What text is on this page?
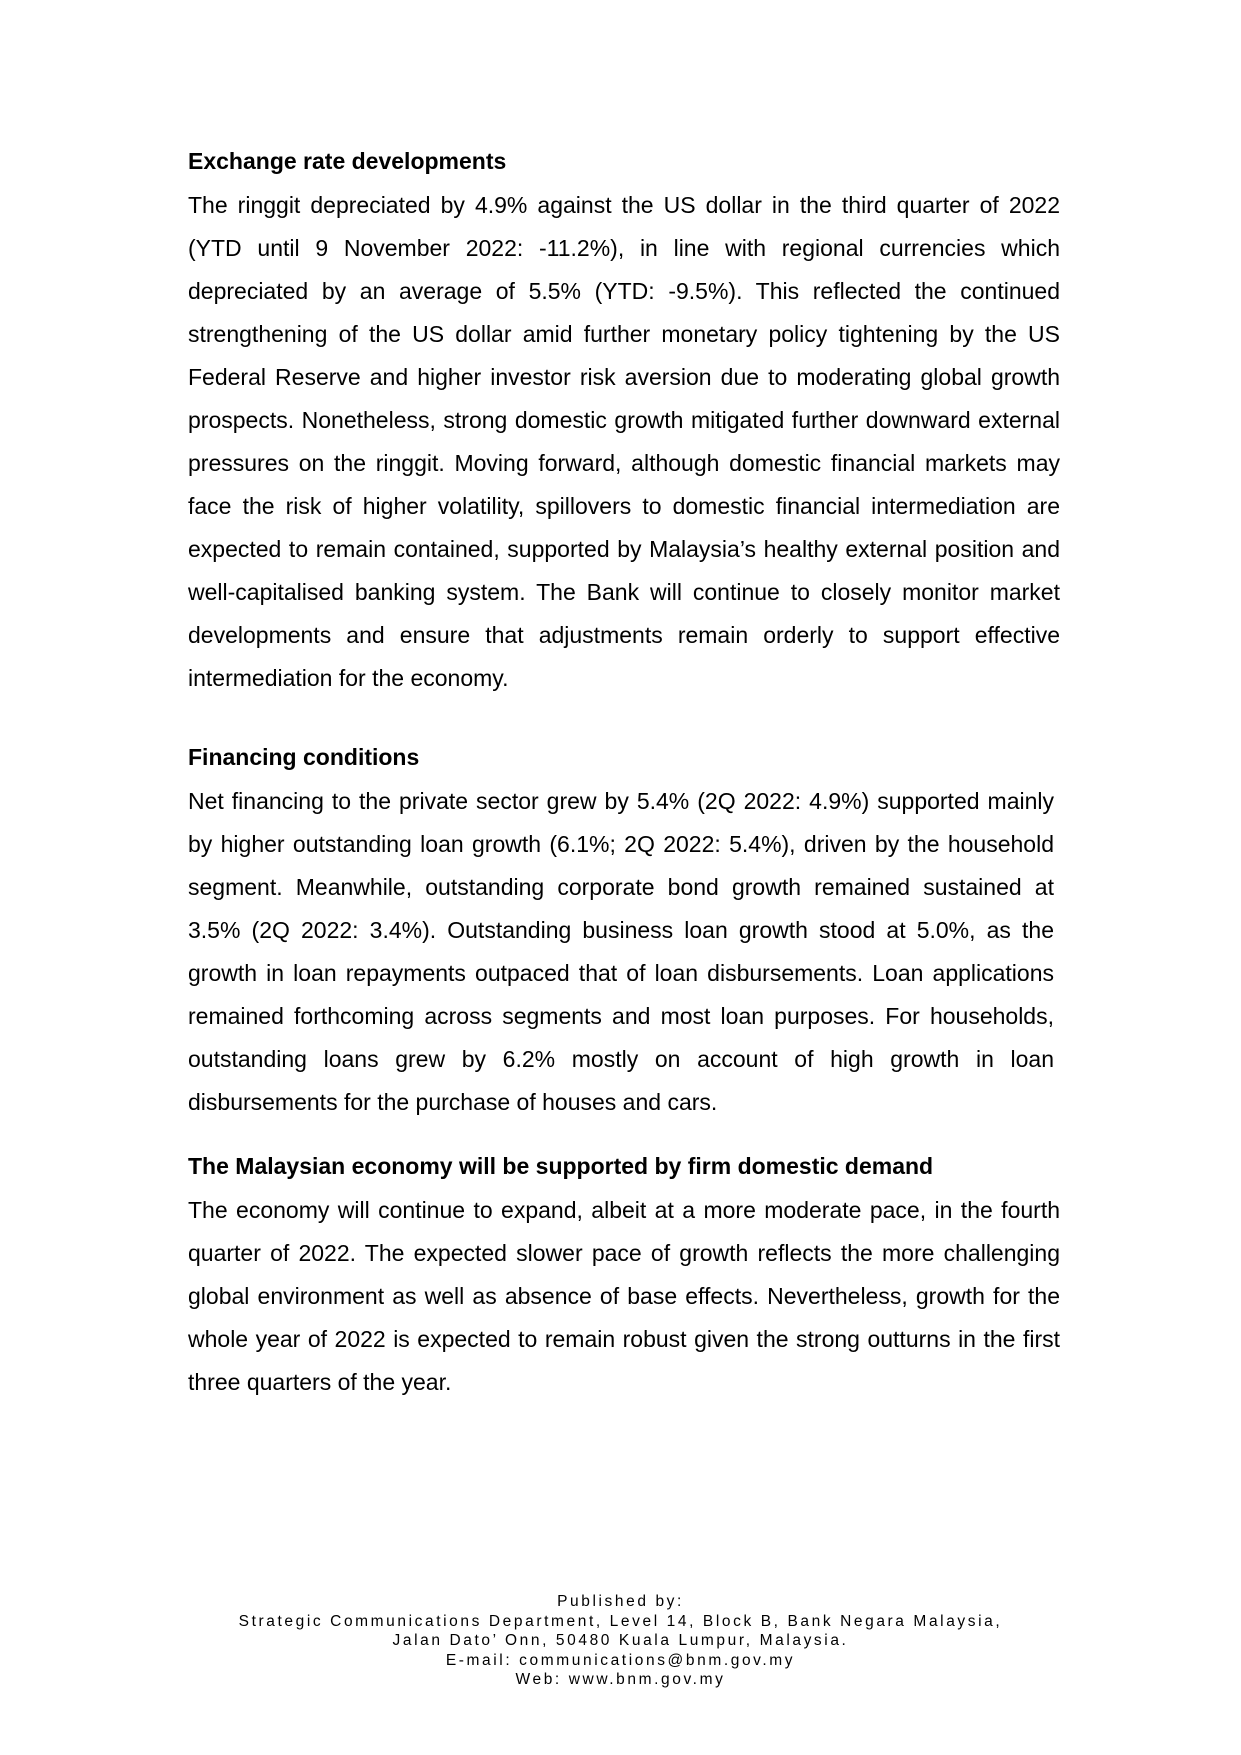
Exchange rate developments

The ringgit depreciated by 4.9% against the US dollar in the third quarter of 2022 (YTD until 9 November 2022: -11.2%), in line with regional currencies which depreciated by an average of 5.5% (YTD: -9.5%). This reflected the continued strengthening of the US dollar amid further monetary policy tightening by the US Federal Reserve and higher investor risk aversion due to moderating global growth prospects. Nonetheless, strong domestic growth mitigated further downward external pressures on the ringgit. Moving forward, although domestic financial markets may face the risk of higher volatility, spillovers to domestic financial intermediation are expected to remain contained, supported by Malaysia’s healthy external position and well-capitalised banking system. The Bank will continue to closely monitor market developments and ensure that adjustments remain orderly to support effective intermediation for the economy.

Financing conditions

Net financing to the private sector grew by 5.4% (2Q 2022: 4.9%) supported mainly by higher outstanding loan growth (6.1%; 2Q 2022: 5.4%), driven by the household segment. Meanwhile, outstanding corporate bond growth remained sustained at 3.5% (2Q 2022: 3.4%). Outstanding business loan growth stood at 5.0%, as the growth in loan repayments outpaced that of loan disbursements. Loan applications remained forthcoming across segments and most loan purposes. For households, outstanding loans grew by 6.2% mostly on account of high growth in loan disbursements for the purchase of houses and cars.

The Malaysian economy will be supported by firm domestic demand

The economy will continue to expand, albeit at a more moderate pace, in the fourth quarter of 2022. The expected slower pace of growth reflects the more challenging global environment as well as absence of base effects. Nevertheless, growth for the whole year of 2022 is expected to remain robust given the strong outturns in the first three quarters of the year.

Published by:
Strategic Communications Department, Level 14, Block B, Bank Negara Malaysia,
Jalan Dato’ Onn, 50480 Kuala Lumpur, Malaysia.
E-mail: communications@bnm.gov.my
Web: www.bnm.gov.my
